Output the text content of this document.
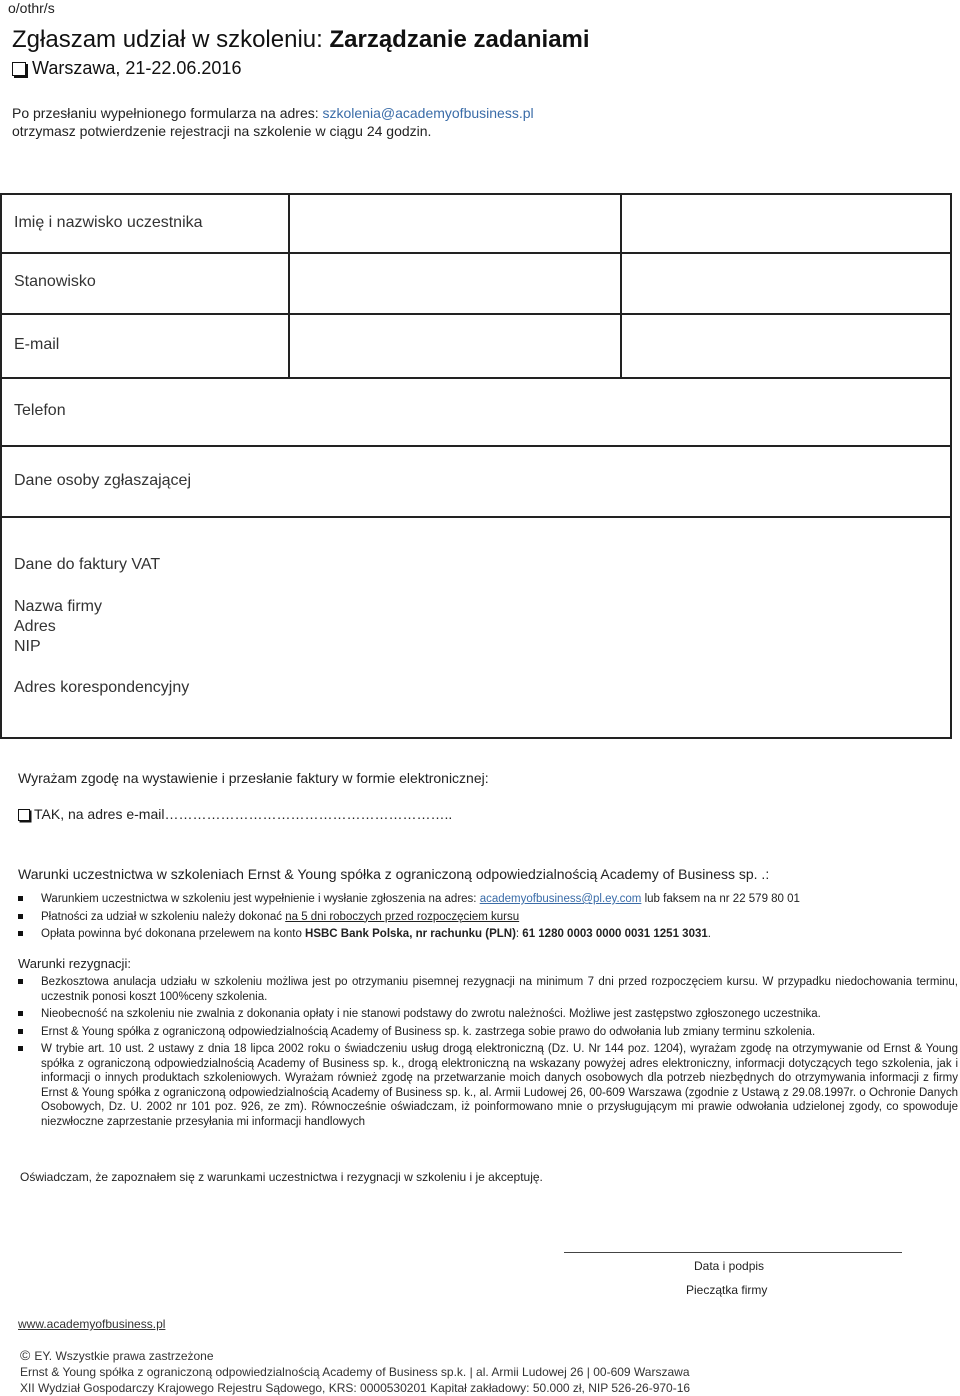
o/othr/s
Zgłaszam udział w szkoleniu: Zarządzanie zadaniami
Warszawa, 21-22.06.2016
Po przesłaniu wypełnionego formularza na adres: szkolenia@academyofbusiness.pl
otrzymasz potwierdzenie rejestracji na szkolenie w ciągu 24 godzin.
Imię i nazwisko uczestnika
Stanowisko
E-mail
Telefon
Dane osoby zgłaszającej
Dane do faktury VAT
Nazwa firmy
Adres
NIP
Adres korespondencyjny
Wyrażam zgodę na wystawienie i przesłanie faktury w formie elektronicznej:
TAK, na adres e-mail……………………………………………………..
Warunki uczestnictwa w szkoleniach Ernst & Young spółka z ograniczoną odpowiedzialnością Academy of Business sp. .:
Warunkiem uczestnictwa w szkoleniu jest wypełnienie i wysłanie zgłoszenia na adres: academyofbusiness@pl.ey.com lub faksem na nr 22 579 80 01
Płatności za udział w szkoleniu należy dokonać na 5 dni roboczych przed rozpoczęciem kursu
Opłata powinna być dokonana przelewem na konto HSBC Bank Polska, nr rachunku (PLN): 61 1280 0003 0000 0031 1251 3031.
Warunki rezygnacji:
Bezkosztowa anulacja udziału w szkoleniu możliwa jest po otrzymaniu pisemnej rezygnacji na minimum 7 dni przed rozpoczęciem kursu. W przypadku niedochowania terminu, uczestnik ponosi koszt 100%ceny szkolenia.
Nieobecność na szkoleniu nie zwalnia z dokonania opłaty i nie stanowi podstawy do zwrotu należności. Możliwe jest zastępstwo zgłoszonego uczestnika.
Ernst & Young spółka z ograniczoną odpowiedzialnością Academy of Business sp. k. zastrzega sobie prawo do odwołania lub zmiany terminu szkolenia.
W trybie art. 10 ust. 2 ustawy z dnia 18 lipca 2002 roku o świadczeniu usług drogą elektroniczną (Dz. U. Nr 144 poz. 1204), wyrażam zgodę na otrzymywanie od Ernst & Young spółka z ograniczoną odpowiedzialnością Academy of Business sp. k., drogą elektroniczną na wskazany powyżej adres elektroniczny, informacji dotyczących tego szkolenia, jak i informacji o innych produktach szkoleniowych. Wyrażam również zgodę na przetwarzanie moich danych osobowych dla potrzeb niezbędnych do otrzymywania informacji z firmy Ernst & Young spółka z ograniczoną odpowiedzialnością Academy of Business sp. k., al. Armii Ludowej 26, 00-609 Warszawa (zgodnie z Ustawą z 29.08.1997r. o Ochronie Danych Osobowych, Dz. U. 2002 nr 101 poz. 926, ze zm). Równocześnie oświadczam, iż poinformowano mnie o przysługującym mi prawie odwołania udzielonej zgody, co spowoduje niezwłoczne zaprzestanie przesyłania mi informacji handlowych
Oświadczam, że zapoznałem się z warunkami uczestnictwa i rezygnacji w szkoleniu i je akceptuję.
Data i podpis
Pieczątka firmy
www.academyofbusiness.pl
© EY. Wszystkie prawa zastrzeżone
Ernst & Young spółka z ograniczoną odpowiedzialnością Academy of Business sp.k. | al. Armii Ludowej 26 | 00-609 Warszawa
XII Wydział Gospodarczy Krajowego Rejestru Sądowego, KRS: 0000530201 Kapitał zakładowy: 50.000 zł, NIP 526-26-970-16
